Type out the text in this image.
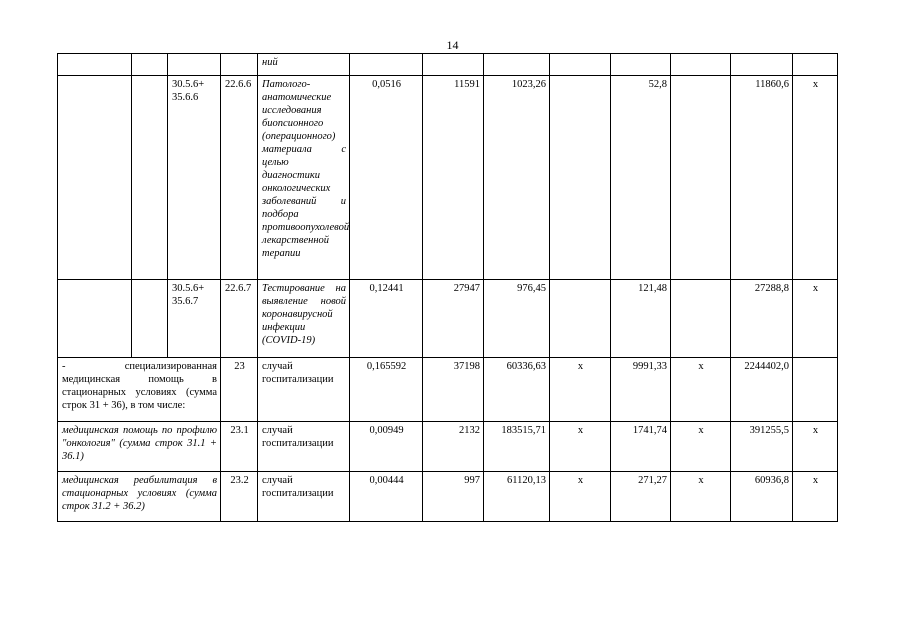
14
				ний								
		30.5.6+ 35.6.6	22.6.6	Патолого-анатомические исследования биопсионного (операционного) материала с целью диагностики онкологических заболеваний и подбора противоопухолевой лекарственной терапии	0,0516	11591	1023,26		52,8		11860,6	x
		30.5.6+ 35.6.7	22.6.7	Тестирование на выявление новой коронавирусной инфекции (COVID-19)	0,12441	27947	976,45		121,48		27288,8	x
- специализированная медицинская помощь в стационарных условиях (сумма строк 31 + 36), в том числе:			23	случай госпитализации	0,165592	37198	60336,63	x	9991,33	x	2244402,0	
медицинская помощь по профилю "онкология" (сумма строк 31.1 + 36.1)			23.1	случай госпитализации	0,00949	2132	183515,71	x	1741,74	x	391255,5	x
медицинская реабилитация в стационарных условиях (сумма строк 31.2 + 36.2)			23.2	случай госпитализации	0,00444	997	61120,13	x	271,27	x	60936,8	x
